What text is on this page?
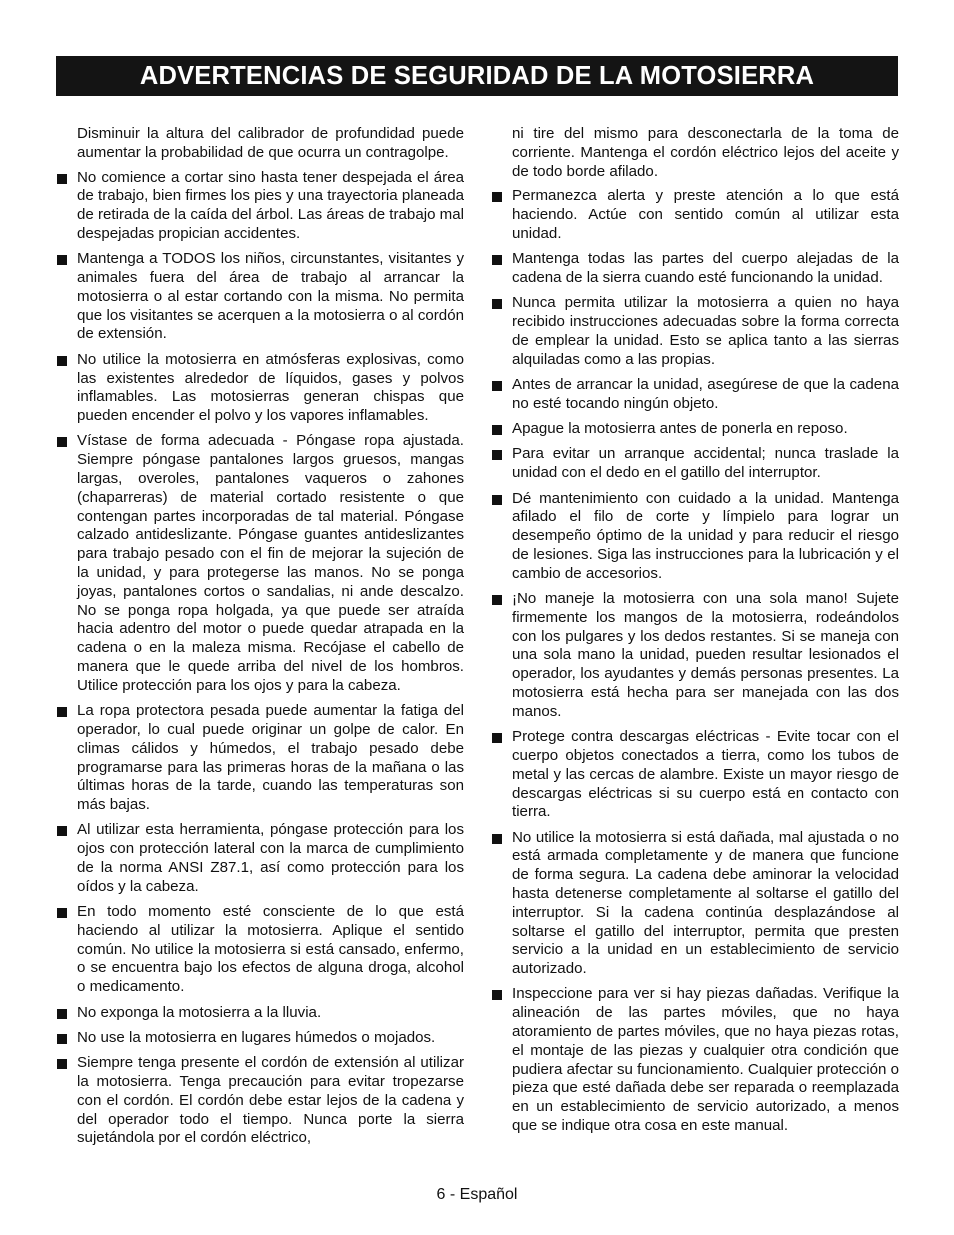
ADVERTENCIAS DE SEGURIDAD DE LA MOTOSIERRA

Disminuir la altura del calibrador de profundidad puede aumentar la probabilidad de que ocurra un contragolpe.

No comience a cortar sino hasta tener despejada el área de trabajo, bien firmes los pies y una trayectoria planeada de retirada de la caída del árbol. Las áreas de trabajo mal despejadas propician accidentes.
Mantenga a TODOS los niños, circunstantes, visitantes y animales fuera del área de trabajo al arrancar la motosierra o al estar cortando con la misma. No permita que los visitantes se acerquen a la motosierra o al cordón de extensión.
No utilice la motosierra en atmósferas explosivas, como las existentes alrededor de líquidos, gases y polvos inflamables. Las motosierras generan chispas que pueden encender el polvo y los vapores inflamables.
Vístase de forma adecuada - Póngase ropa ajustada. Siempre póngase pantalones largos gruesos, mangas largas, overoles, pantalones vaqueros o zahones (chaparreras) de material cortado resistente o que contengan partes incorporadas de tal material. Póngase calzado antideslizante. Póngase guantes antideslizantes para trabajo pesado con el fin de mejorar la sujeción de la unidad, y para protegerse las manos. No se ponga joyas, pantalones cortos o sandalias, ni ande descalzo. No se ponga ropa holgada, ya que puede ser atraída hacia adentro del motor o puede quedar atrapada en la cadena o en la maleza misma. Recójase el cabello de manera que le quede arriba del nivel de los hombros. Utilice protección para los ojos y para la cabeza.
La ropa protectora pesada puede aumentar la fatiga del operador, lo cual puede originar un golpe de calor. En climas cálidos y húmedos, el trabajo pesado debe programarse para las primeras horas de la mañana o las últimas horas de la tarde, cuando las temperaturas son más bajas.
Al utilizar esta herramienta, póngase protección para los ojos con protección lateral con la marca de cumplimiento de la norma ANSI Z87.1, así como protección para los oídos y la cabeza.
En todo momento esté consciente de lo que está haciendo al utilizar la motosierra. Aplique el sentido común. No utilice la motosierra si está cansado, enfermo, o se encuentra bajo los efectos de alguna droga, alcohol o medicamento.
No exponga la motosierra a la lluvia.
No use la motosierra en lugares húmedos o mojados.
Siempre tenga presente el cordón de extensión al utilizar la motosierra. Tenga precaución para evitar tropezarse con el cordón. El cordón debe estar lejos de la cadena y del operador todo el tiempo. Nunca porte la sierra sujetándola por el cordón eléctrico,

ni tire del mismo para desconectarla de la toma de corriente. Mantenga el cordón eléctrico lejos del aceite y de todo borde afilado.

Permanezca alerta y preste atención a lo que está haciendo. Actúe con sentido común al utilizar esta unidad.
Mantenga todas las partes del cuerpo alejadas de la cadena de la sierra cuando esté funcionando la unidad.
Nunca permita utilizar la motosierra a quien no haya recibido instrucciones adecuadas sobre la forma correcta de emplear la unidad. Esto se aplica tanto a las sierras alquiladas como a las propias.
Antes de arrancar la unidad, asegúrese de que la cadena no esté tocando ningún objeto.
Apague la motosierra antes de ponerla en reposo.
Para evitar un arranque accidental; nunca traslade la unidad con el dedo en el gatillo del interruptor.
Dé mantenimiento con cuidado a la unidad. Mantenga afilado el filo de corte y límpielo para lograr un desempeño óptimo de la unidad y para reducir el riesgo de lesiones. Siga las instrucciones para la lubricación y el cambio de accesorios.
¡No maneje la motosierra con una sola mano! Sujete firmemente los mangos de la motosierra, rodeándolos con los pulgares y los dedos restantes. Si se maneja con una sola mano la unidad, pueden resultar lesionados el operador, los ayudantes y demás personas presentes. La motosierra está hecha para ser manejada con las dos manos.
Protege contra descargas eléctricas - Evite tocar con el cuerpo objetos conectados a tierra, como los tubos de metal y las cercas de alambre. Existe un mayor riesgo de descargas eléctricas si su cuerpo está en contacto con tierra.
No utilice la motosierra si está dañada, mal ajustada o no está armada completamente y de manera que funcione de forma segura. La cadena debe aminorar la velocidad hasta detenerse completamente al soltarse el gatillo del interruptor. Si la cadena continúa desplazándose al soltarse el gatillo del interruptor, permita que presten servicio a la unidad en un establecimiento de servicio autorizado.
Inspeccione para ver si hay piezas dañadas. Verifique la alineación de las partes móviles, que no haya atoramiento de partes móviles, que no haya piezas rotas, el montaje de las piezas y cualquier otra condición que pudiera afectar su funcionamiento. Cualquier protección o pieza que esté dañada debe ser reparada o reemplazada en un establecimiento de servicio autorizado, a menos que se indique otra cosa en este manual.
6 - Español
